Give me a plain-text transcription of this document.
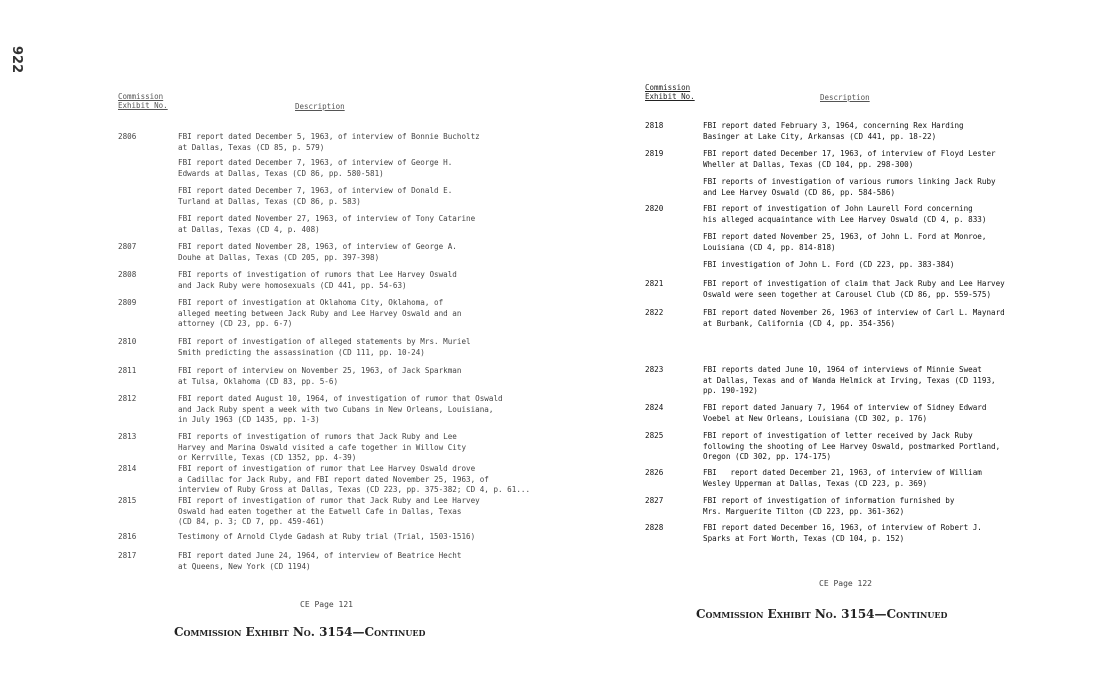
922
Commission
Exhibit No.	Description
2806	FBI report dated December 5, 1963, of interview of Bonnie Bucholtz
at Dallas, Texas (CD 85, p. 579)
FBI report dated December 7, 1963, of interview of George H.
Edwards at Dallas, Texas (CD 86, pp. 580-581)
FBI report dated December 7, 1963, of interview of Donald E.
Turland at Dallas, Texas (CD 86, p. 583)
FBI report dated November 27, 1963, of interview of Tony Catarine
at Dallas, Texas (CD 4, p. 408)
2807	FBI report dated November 28, 1963, of interview of George A.
Douhe at Dallas, Texas (CD 205, pp. 397-398)
2808	FBI reports of investigation of rumors that Lee Harvey Oswald
and Jack Ruby were homosexuals (CD 441, pp. 54-63)
2809	FBI report of investigation at Oklahoma City, Oklahoma, of
alleged meeting between Jack Ruby and Lee Harvey Oswald and an
attorney (CD 23, pp. 6-7)
2810	FBI report of investigation of alleged statements by Mrs. Muriel
Smith predicting the assassination (CD 111, pp. 10-24)
2811	FBI report of interview on November 25, 1963, of Jack Sparkman
at Tulsa, Oklahoma (CD 83, pp. 5-6)
2812	FBI report dated August 10, 1964, of investigation of rumor that Oswald
and Jack Ruby spent a week with two Cubans in New Orleans, Louisiana,
in July 1963 (CD 1435, pp. 1-3)
2813	FBI reports of investigation of rumors that Jack Ruby and Lee
Harvey and Marina Oswald visited a cafe together in Willow City
or Kerrville, Texas (CD 1352, pp. 4-39)
2814	FBI report of investigation of rumor that Lee Harvey Oswald drove
a Cadillac for Jack Ruby, and FBI report dated November 25, 1963, of
interview of Ruby Gross at Dallas, Texas (CD 223, pp. 375-382; CD 4, p. 61...
2815	FBI report of investigation of rumor that Jack Ruby and Lee Harvey
Oswald had eaten together at the Eatwell Cafe in Dallas, Texas
(CD 84, p. 3; CD 7, pp. 459-461)
2816	Testimony of Arnold Clyde Gadash at Ruby trial (Trial, 1503-1516)
2817	FBI report dated June 24, 1964, of interview of Beatrice Hecht
at Queens, New York (CD 1194)
CE Page 121
Commission Exhibit No. 3154—Continued
Commission
Exhibit No.	Description
2818	FBI report dated February 3, 1964, concerning Rex Harding
Basinger at Lake City, Arkansas (CD 441, pp. 18-22)
2819	FBI report dated December 17, 1963, of interview of Floyd Lester
Wheller at Dallas, Texas (CD 104, pp. 298-300)
FBI reports of investigation of various rumors linking Jack Ruby
and Lee Harvey Oswald (CD 86, pp. 584-586)
2820	FBI report of investigation of John Laurell Ford concerning
his alleged acquaintance with Lee Harvey Oswald (CD 4, p. 833)
FBI report dated November 25, 1963, of John L. Ford at Monroe,
Louisiana (CD 4, pp. 814-818)
FBI investigation of John L. Ford (CD 223, pp. 383-384)
2821	FBI report of investigation of claim that Jack Ruby and Lee Harvey
Oswald were seen together at Carousel Club (CD 86, pp. 559-575)
2822	FBI report dated November 26, 1963 of interview of Carl L. Maynard
at Burbank, California (CD 4, pp. 354-356)
2823	FBI reports dated June 10, 1964 of interviews of Minnie Sweat
at Dallas, Texas and of Wanda Helmick at Irving, Texas (CD 1193,
pp. 190-192)
2824	FBI report dated January 7, 1964 of interview of Sidney Edward
Voebel at New Orleans, Louisiana (CD 302, p. 176)
2825	FBI report of investigation of letter received by Jack Ruby
following the shooting of Lee Harvey Oswald, postmarked Portland,
Oregon (CD 302, pp. 174-175)
2826	FBI   report dated December 21, 1963, of interview of William
Wesley Upperman at Dallas, Texas (CD 223, p. 369)
2827	FBI report of investigation of information furnished by
Mrs. Marguerite Tilton (CD 223, pp. 361-362)
2828	FBI report dated December 16, 1963, of interview of Robert J.
Sparks at Fort Worth, Texas (CD 104, p. 152)
CE Page 122
Commission Exhibit No. 3154—Continued
